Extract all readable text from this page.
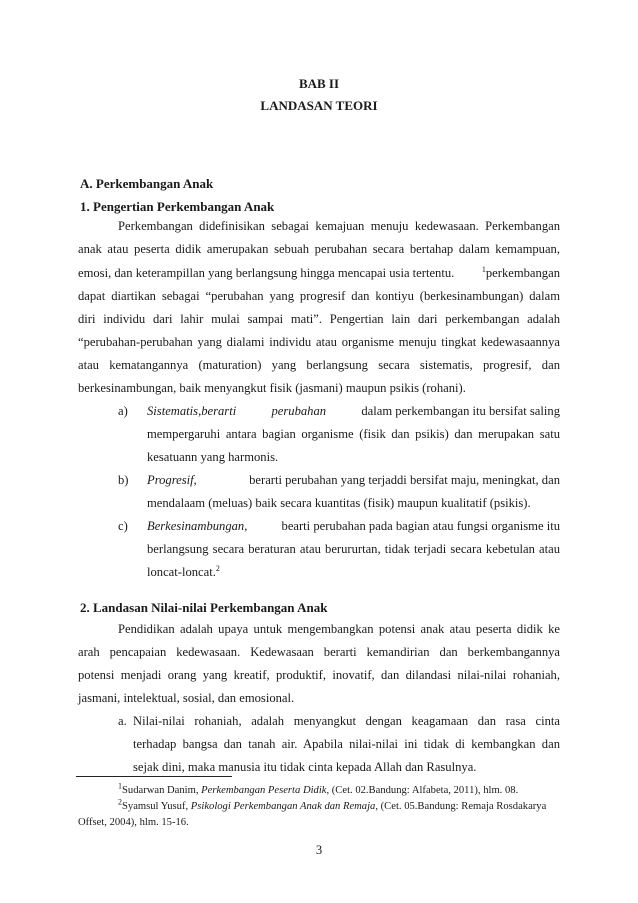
BAB II
LANDASAN TEORI
A. Perkembangan Anak
1. Pengertian Perkembangan Anak
Perkembangan didefinisikan sebagai kemajuan menuju kedewasaan. Perkembangan
anak atau peserta didik amerupakan sebuah perubahan secara bertahap dalam kemampuan,
emosi, dan keterampillan yang berlangsung hingga mencapai usia tertentu.	$^1$perkembangan
dapat diartikan sebagai “perubahan yang progresif dan kontiyu (berkesinambungan) dalam
diri individu dari lahir mulai sampai mati”. Pengertian lain dari perkembangan adalah
“perubahan-perubahan yang dialami individu atau organisme menuju tingkat kedewasaannya
atau kematangannya (maturation) yang berlangsung secara sistematis, progresif, dan
berkesinambungan, baik menyangkut fisik (jasmani) maupun psikis (rohani).
a) Sistematis,berarti	perubahan	dalam perkembangan itu bersifat saling
mempergaruhi antara bagian organisme (fisik dan psikis) dan merupakan satu
kesatuann yang harmonis.
b) Progresif,	berarti perubahan yang terjaddi bersifat maju, meningkat, dan
mendalaam (meluas) baik secara kuantitas (fisik) maupun kualitatif (psikis).
c) Berkesinambungan,	bearti perubahan pada bagian atau fungsi organisme itu
berlangsung secara beraturan atau berururtan, tidak terjadi secara kebetulan atau
loncat-loncat.$^2$
2. Landasan Nilai-nilai Perkembangan Anak
Pendidikan adalah upaya untuk mengembangkan potensi anak atau peserta didik ke
arah pencapaian kedewasaan. Kedewasaan berarti kemandirian dan berkembangannya
potensi menjadi orang yang kreatif, produktif, inovatif, dan dilandasi nilai-nilai rohaniah,
jasmani, intelektual, sosial, dan emosional.
a. Nilai-nilai rohaniah, adalah menyangkut dengan keagamaan dan rasa cinta
terhadap bangsa dan tanah air. Apabila nilai-nilai ini tidak di kembangkan dan
sejak dini, maka manusia itu tidak cinta kepada Allah dan Rasulnya.
$^1$Sudarwan Danim, Perkembangan Peserta Didik, (Cet. 02.Bandung: Alfabeta, 2011), hlm. 08.
$^2$Syamsul Yusuf, Psikologi Perkembangan Anak dan Remaja, (Cet. 05.Bandung: Remaja Rosdakarya
Offset, 2004), hlm. 15-16.
3
